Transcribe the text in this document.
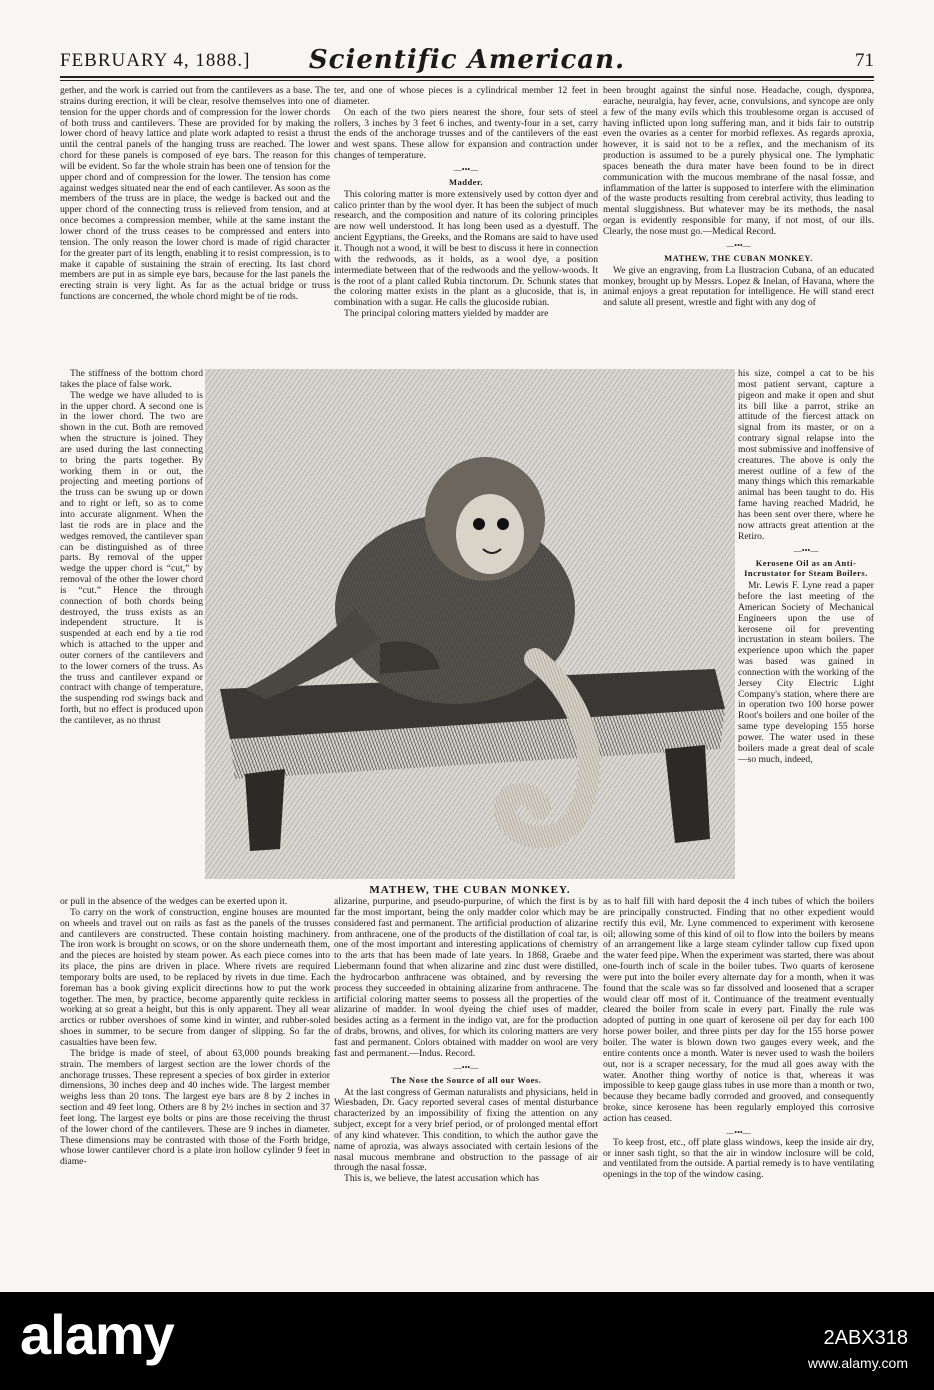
FEBRUARY 4, 1888.]	Scientific American.	71

gether, and the work is carried out from the cantilevers as a base. The strains during erection, it will be clear, resolve themselves into one of tension for the upper chords and of compression for the lower chords of both truss and cantilevers. These are provided for by making the lower chord of heavy lattice and plate work adapted to resist a thrust until the central panels of the hanging truss are reached. The lower chord for these panels is composed of eye bars. The reason for this will be evident. So far the whole strain has been one of tension for the upper chord and of compression for the lower. The tension has come against wedges situated near the end of each cantilever. As soon as the members of the truss are in place, the wedge is backed out and the upper chord of the connecting truss is relieved from tension, and at once becomes a compression member, while at the same instant the lower chord of the truss ceases to be compressed and enters into tension. The only reason the lower chord is made of rigid character for the greater part of its length, enabling it to resist compression, is to make it capable of sustaining the strain of erecting. Its last chord members are put in as simple eye bars, because for the last panels the erecting strain is very light. As far as the actual bridge or truss functions are concerned, the whole chord might be of tie rods.

The stiffness of the bottom chord takes the place of false work.

The wedge we have alluded to is in the upper chord. A second one is in the lower chord. The two are shown in the cut. Both are removed when the structure is joined. They are used during the last connecting to bring the parts together. By working them in or out, the projecting and meeting portions of the truss can be swung up or down and to right or left, so as to come into accurate alignment. When the last tie rods are in place and the wedges removed, the cantilever span can be distinguished as of three parts. By removal of the upper wedge the upper chord is “cut,” by removal of the other the lower chord is “cut.” Hence the through connection of both chords being destroyed, the truss exists as an independent structure. It is suspended at each end by a tie rod which is attached to the upper and outer corners of the cantilevers and to the lower corners of the truss. As the truss and cantilever expand or contract with change of temperature, the suspending rod swings back and forth, but no effect is produced upon the cantilever, as no thrust

or pull in the absence of the wedges can be exerted upon it.

To carry on the work of construction, engine houses are mounted on wheels and travel out on rails as fast as the panels of the trusses and cantilevers are constructed. These contain hoisting machinery. The iron work is brought on scows, or on the shore underneath them, and the pieces are hoisted by steam power. As each piece comes into its place, the pins are driven in place. Where rivets are required temporary bolts are used, to be replaced by rivets in due time. Each foreman has a book giving explicit directions how to put the work together. The men, by practice, become apparently quite reckless in working at so great a height, but this is only apparent. They all wear arctics or rubber overshoes of some kind in winter, and rubber-soled shoes in summer, to be secure from danger of slipping. So far the casualties have been few.

The bridge is made of steel, of about 63,000 pounds breaking strain. The members of largest section are the lower chords of the anchorage trusses. These represent a species of box girder in exterior dimensions, 30 inches deep and 40 inches wide. The largest member weighs less than 20 tons. The largest eye bars are 8 by 2 inches in section and 49 feet long. Others are 8 by 2½ inches in section and 37 feet long. The largest eye bolts or pins are those receiving the thrust of the lower chord of the cantilevers. These are 9 inches in diameter. These dimensions may be contrasted with those of the Forth bridge, whose lower cantilever chord is a plate iron hollow cylinder 9 feet in diame-

ter, and one of whose pieces is a cylindrical member 12 feet in diameter.

On each of the two piers nearest the shore, four sets of steel rollers, 3 inches by 3 feet 6 inches, and twenty-four in a set, carry the ends of the anchorage trusses and of the cantilevers of the east and west spans. These allow for expansion and contraction under changes of temperature.

—•••—
Madder.

This coloring matter is more extensively used by cotton dyer and calico printer than by the wool dyer. It has been the subject of much research, and the composition and nature of its coloring principles are now well understood. It has long been used as a dyestuff. The ancient Egyptians, the Greeks, and the Romans are said to have used it. Though not a wood, it will be best to discuss it here in connection with the redwoods, as it holds, as a wool dye, a position intermediate between that of the redwoods and the yellow-woods. It is the root of a plant called Rubia tinctorum. Dr. Schunk states that the coloring matter exists in the plant as a glucoside, that is, in combination with a sugar. He calls the glucoside rubian.

The principal coloring matters yielded by madder are

alizarine, purpurine, and pseudo-purpurine, of which the first is by far the most important, being the only madder color which may be considered fast and permanent. The artificial production of alizarine from anthracene, one of the products of the distillation of coal tar, is one of the most important and interesting applications of chemistry to the arts that has been made of late years. In 1868, Graebe and Liebermann found that when alizarine and zinc dust were distilled, the hydrocarbon anthracene was obtained, and by reversing the process they succeeded in obtaining alizarine from anthracene. The artificial coloring matter seems to possess all the properties of the alizarine of madder. In wool dyeing the chief uses of madder, besides acting as a ferment in the indigo vat, are for the production of drabs, browns, and olives, for which its coloring matters are very fast and permanent. Colors obtained with madder on wool are very fast and permanent.—Indus. Record.

—•••—
The Nose the Source of all our Woes.

At the last congress of German naturalists and physicians, held in Wiesbaden, Dr. Gacy reported several cases of mental disturbance characterized by an impossibility of fixing the attention on any subject, except for a very brief period, or of prolonged mental effort of any kind whatever. This condition, to which the author gave the name of aprozia, was always associated with certain lesions of the nasal mucous membrane and obstruction to the passage of air through the nasal fossæ.

This is, we believe, the latest accusation which has

been brought against the sinful nose. Headache, cough, dyspnœa, earache, neuralgia, hay fever, acne, convulsions, and syncope are only a few of the many evils which this troublesome organ is accused of having inflicted upon long suffering man, and it bids fair to outstrip even the ovaries as a center for morbid reflexes. As regards aproxia, however, it is said not to be a reflex, and the mechanism of its production is assumed to be a purely physical one. The lymphatic spaces beneath the dura mater have been found to be in direct communication with the mucous membrane of the nasal fossæ, and inflammation of the latter is supposed to interfere with the elimination of the waste products resulting from cerebral activity, thus leading to mental sluggishness. But whatever may be its methods, the nasal organ is evidently responsible for many, if not most, of our ills. Clearly, the nose must go.—Medical Record.

—•••—
MATHEW, THE CUBAN MONKEY.

We give an engraving, from La Ilustracion Cubana, of an educated monkey, brought up by Messrs. Lopez & Inelan, of Havana, where the animal enjoys a great reputation for intelligence. He will stand erect and salute all present, wrestle and fight with any dog of

his size, compel a cat to be his most patient servant, capture a pigeon and make it open and shut its bill like a parrot, strike an attitude of the fiercest attack on signal from its master, or on a contrary signal relapse into the most submissive and inoffensive of creatures. The above is only the merest outline of a few of the many things which this remarkable animal has been taught to do. His fame having reached Madrid, he has been sent over there, where he now attracts great attention at the Retiro.

—•••—
Kerosene Oil as an Anti-Incrustator for Steam Boilers.

Mr. Lewis F. Lyne read a paper before the last meeting of the American Society of Mechanical Engineers upon the use of kerosene oil for preventing incrustation in steam boilers. The experience upon which the paper was based was gained in connection with the working of the Jersey City Electric Light Company's station, where there are in operation two 100 horse power Root's boilers and one boiler of the same type developing 155 horse power. The water used in these boilers made a great deal of scale—so much, indeed,

as to half fill with hard deposit the 4 inch tubes of which the boilers are principally constructed. Finding that no other expedient would rectify this evil, Mr. Lyne commenced to experiment with kerosene oil; allowing some of this kind of oil to flow into the boilers by means of an arrangement like a large steam cylinder tallow cup fixed upon the water feed pipe. When the experiment was started, there was about one-fourth inch of scale in the boiler tubes. Two quarts of kerosene were put into the boiler every alternate day for a month, when it was found that the scale was so far dissolved and loosened that a scraper would clear off most of it. Continuance of the treatment eventually cleared the boiler from scale in every part. Finally the rule was adopted of putting in one quart of kerosene oil per day for each 100 horse power boiler, and three pints per day for the 155 horse power boiler. The water is blown down two gauges every week, and the entire contents once a month. Water is never used to wash the boilers out, nor is a scraper necessary, for the mud all goes away with the water. Another thing worthy of notice is that, whereas it was impossible to keep gauge glass tubes in use more than a month or two, because they became badly corroded and grooved, and consequently broke, since kerosene has been regularly employed this corrosive action has ceased.

—•••—

To keep frost, etc., off plate glass windows, keep the inside air dry, or inner sash tight, so that the air in window inclosure will be cold, and ventilated from the outside. A partial remedy is to have ventilating openings in the top of the window casing.

MATHEW, THE CUBAN MONKEY.
alamy	2ABX318
www.alamy.com
